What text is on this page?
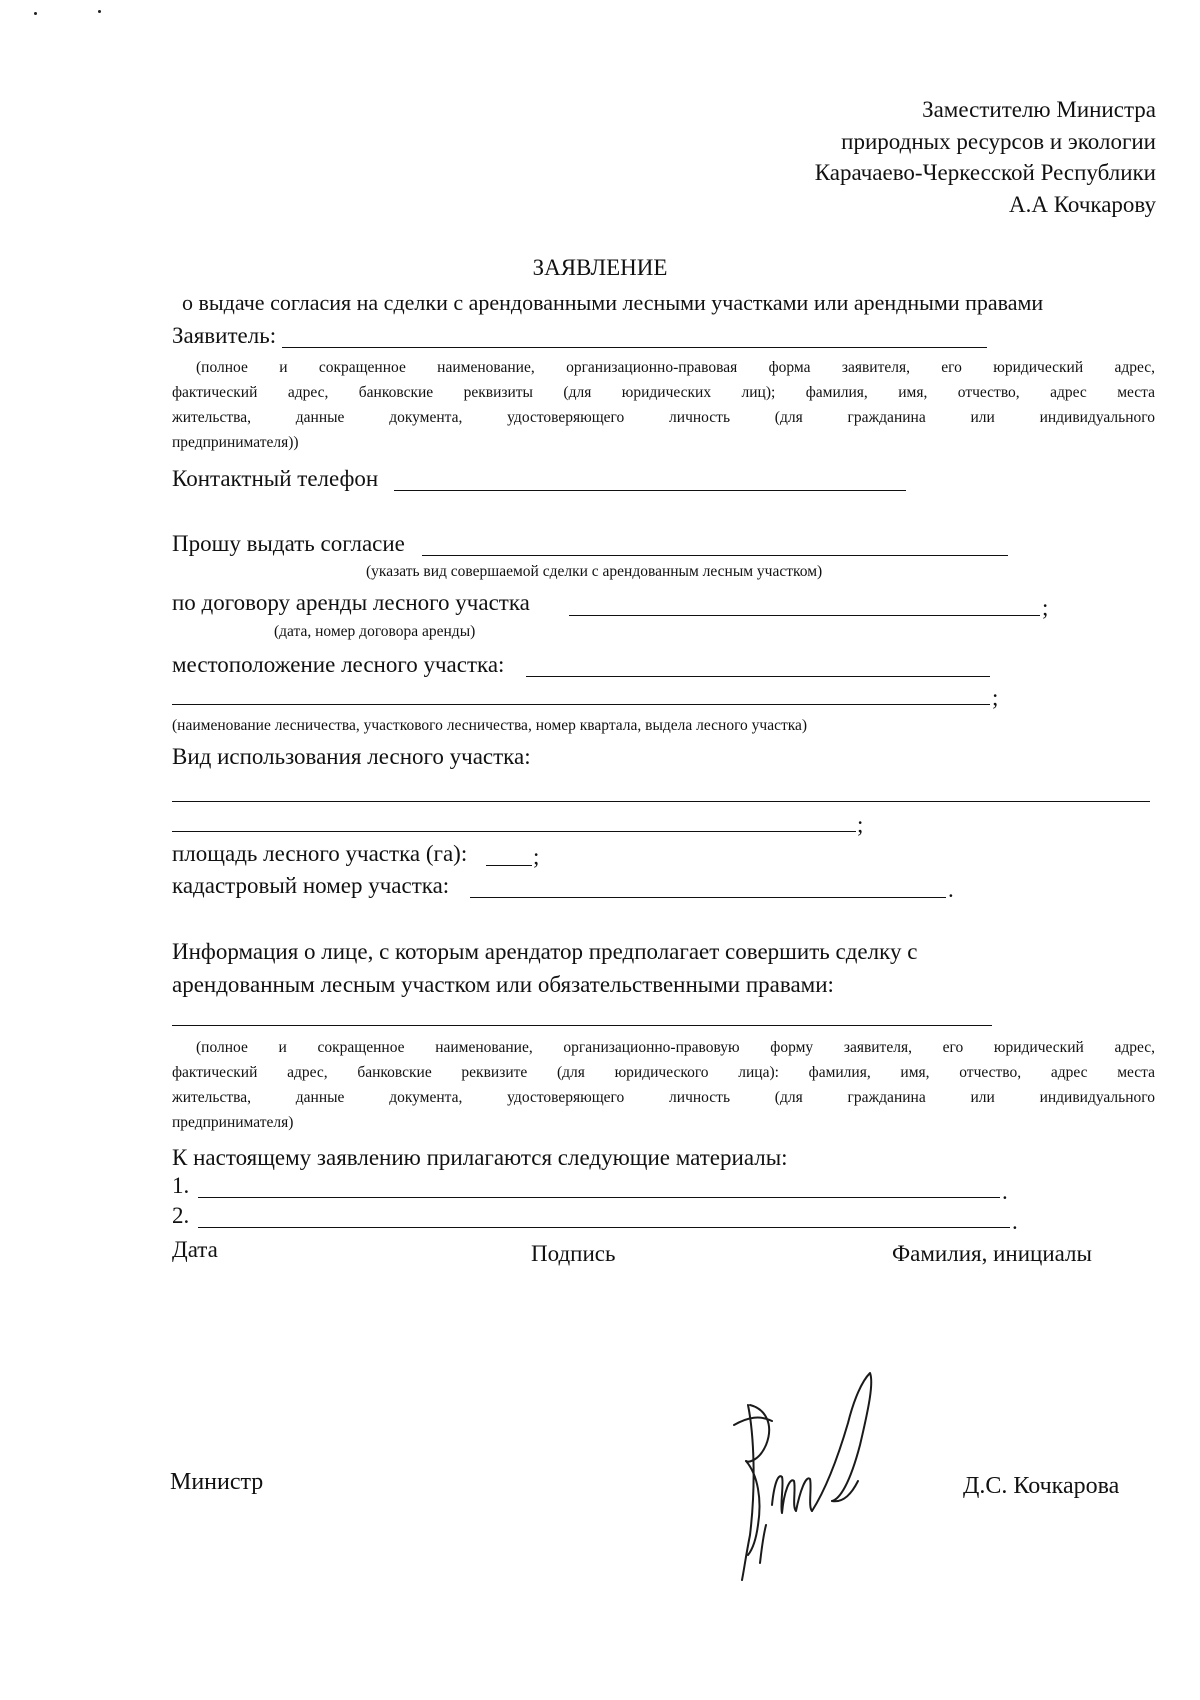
Заместителю Министра
природных ресурсов и экологии
Карачаево-Черкесской Республики
А.А Кочкарову
ЗАЯВЛЕНИЕ
о выдаче согласия на сделки с арендованными лесными участками или арендными правами
Заявитель:
(полное и сокращенное наименование, организационно-правовая форма заявителя, его юридический адрес,
фактический адрес, банковские реквизиты (для юридических лиц); фамилия, имя, отчество, адрес места
жительства, данные документа, удостоверяющего личность (для гражданина или индивидуального
предпринимателя))
Контактный телефон
Прошу выдать согласие
(указать вид совершаемой сделки с арендованным лесным участком)
по договору аренды лесного участка	;
(дата, номер договора аренды)
местоположение лесного участка:
;
(наименование лесничества, участкового лесничества, номер квартала, выдела лесного участка)
Вид использования лесного участка:
;
площадь лесного участка (га):	;
кадастровый номер участка:	.
Информация о лице, с которым арендатор предполагает совершить сделку с
арендованным лесным участком или обязательственными правами:
(полное и сокращенное наименование, организационно-правовую форму заявителя, его юридический адрес,
фактический адрес, банковские реквизите (для юридического лица): фамилия, имя, отчество, адрес места
жительства, данные документа, удостоверяющего личность (для гражданина или индивидуального
предпринимателя)
К настоящему заявлению прилагаются следующие материалы:
1.	.
2.	.
Дата	Подпись	Фамилия, инициалы
Министр	Д.С. Кочкарова
